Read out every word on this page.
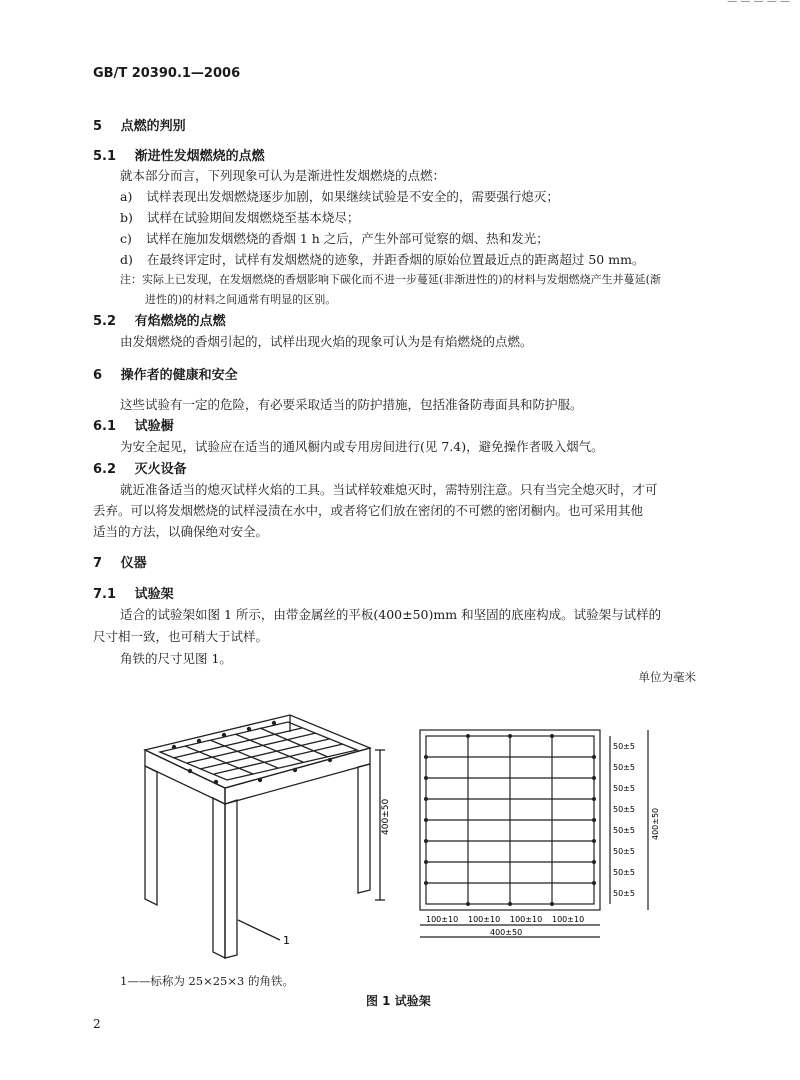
— — — — —
GB/T 20390.1—2006
5 点燃的判别
5.1 渐进性发烟燃烧的点燃
就本部分而言，下列现象可认为是渐进性发烟燃烧的点燃：
a) 试样表现出发烟燃烧逐步加剧，如果继续试验是不安全的，需要强行熄灭；
b) 试样在试验期间发烟燃烧至基本烧尽；
c) 试样在施加发烟燃烧的香烟 1 h 之后，产生外部可觉察的烟、热和发光；
d) 在最终评定时，试样有发烟燃烧的迹象，并距香烟的原始位置最近点的距离超过 50 mm。
注：实际上已发现，在发烟燃烧的香烟影响下碳化而不进一步蔓延(非渐进性的)的材料与发烟燃烧产生并蔓延(渐
进性的)的材料之间通常有明显的区别。
5.2 有焰燃烧的点燃
由发烟燃烧的香烟引起的，试样出现火焰的现象可认为是有焰燃烧的点燃。
6 操作者的健康和安全
这些试验有一定的危险，有必要采取适当的防护措施，包括准备防毒面具和防护服。
6.1 试验橱
为安全起见，试验应在适当的通风橱内或专用房间进行(见 7.4)，避免操作者吸入烟气。
6.2 灭火设备
就近准备适当的熄灭试样火焰的工具。当试样较难熄灭时，需特别注意。只有当完全熄灭时，才可
丢弃。可以将发烟燃烧的试样浸渍在水中，或者将它们放在密闭的不可燃的密闭橱内。也可采用其他
适当的方法，以确保绝对安全。
7 仪器
7.1 试验架
适合的试验架如图 1 所示，由带金属丝的平板(400±50)mm 和坚固的底座构成。试验架与试样的
尺寸相一致，也可稍大于试样。
角铁的尺寸见图 1。
单位为毫米
400±50
1
50±5
50±5
50±5
50±5
50±5
50±5
50±5
50±5
100±10 100±10 100±10 100±10
400±50
400±50
1——标称为 25×25×3 的角铁。
图 1 试验架
2
